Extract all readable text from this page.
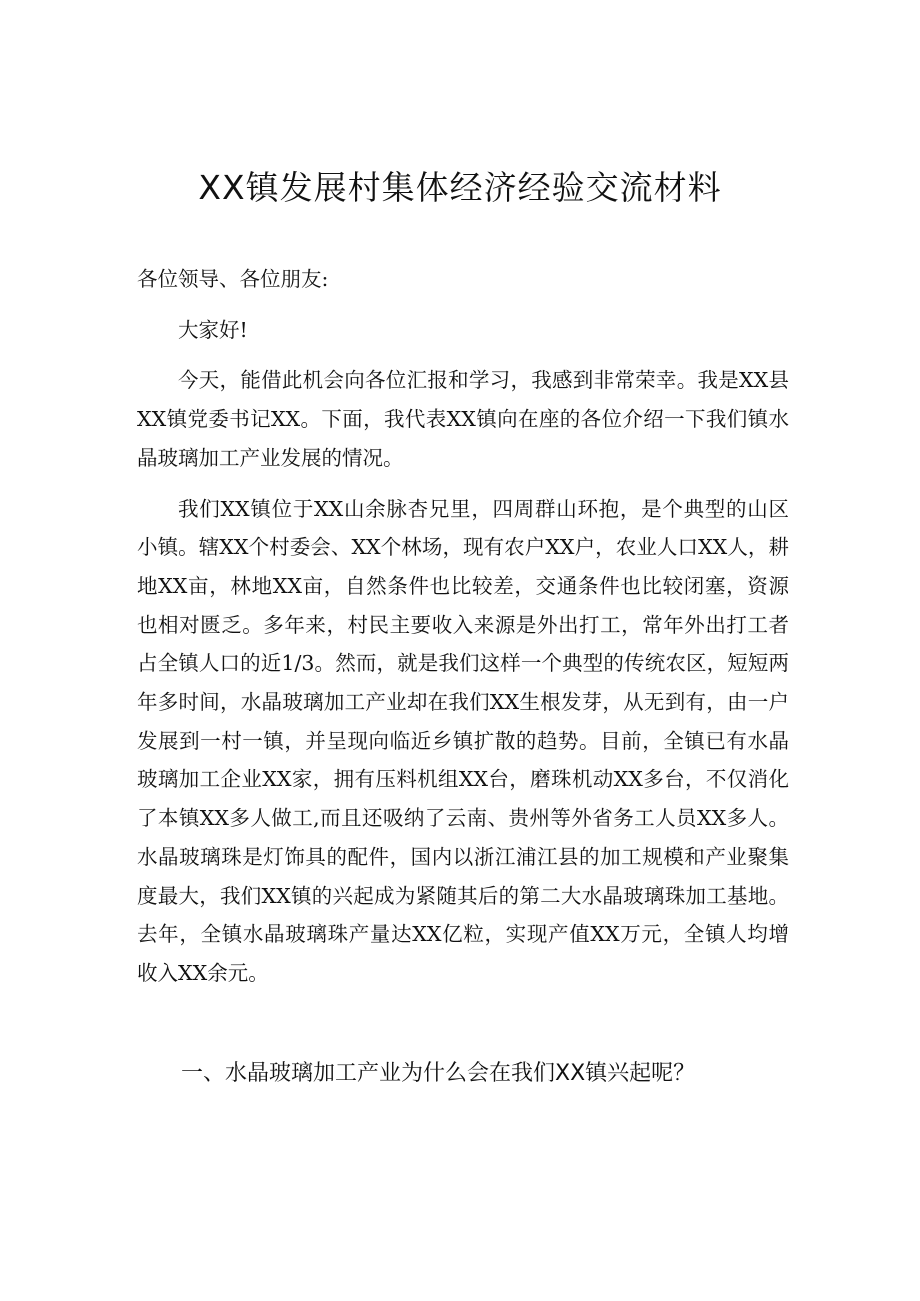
XX镇发展村集体经济经验交流材料

各位领导、各位朋友:

大家好!

今天，能借此机会向各位汇报和学习，我感到非常荣幸。我是XX县XX镇党委书记XX。下面，我代表XX镇向在座的各位介绍一下我们镇水晶玻璃加工产业发展的情况。

我们XX镇位于XX山余脉杏兄里，四周群山环抱，是个典型的山区小镇。辖XX个村委会、XX个林场，现有农户XX户，农业人口XX人，耕地XX亩，林地XX亩，自然条件也比较差，交通条件也比较闭塞，资源也相对匮乏。多年来，村民主要收入来源是外出打工，常年外出打工者占全镇人口的近1/3。然而，就是我们这样一个典型的传统农区，短短两年多时间，水晶玻璃加工产业却在我们XX生根发芽，从无到有，由一户发展到一村一镇，并呈现向临近乡镇扩散的趋势。目前，全镇已有水晶玻璃加工企业XX家，拥有压料机组XX台，磨珠机动XX多台，不仅消化了本镇XX多人做工,而且还吸纳了云南、贵州等外省务工人员XX多人。水晶玻璃珠是灯饰具的配件，国内以浙江浦江县的加工规模和产业聚集度最大，我们XX镇的兴起成为紧随其后的第二大水晶玻璃珠加工基地。去年，全镇水晶玻璃珠产量达XX亿粒，实现产值XX万元，全镇人均增收入XX余元。

一、水晶玻璃加工产业为什么会在我们XX镇兴起呢？
